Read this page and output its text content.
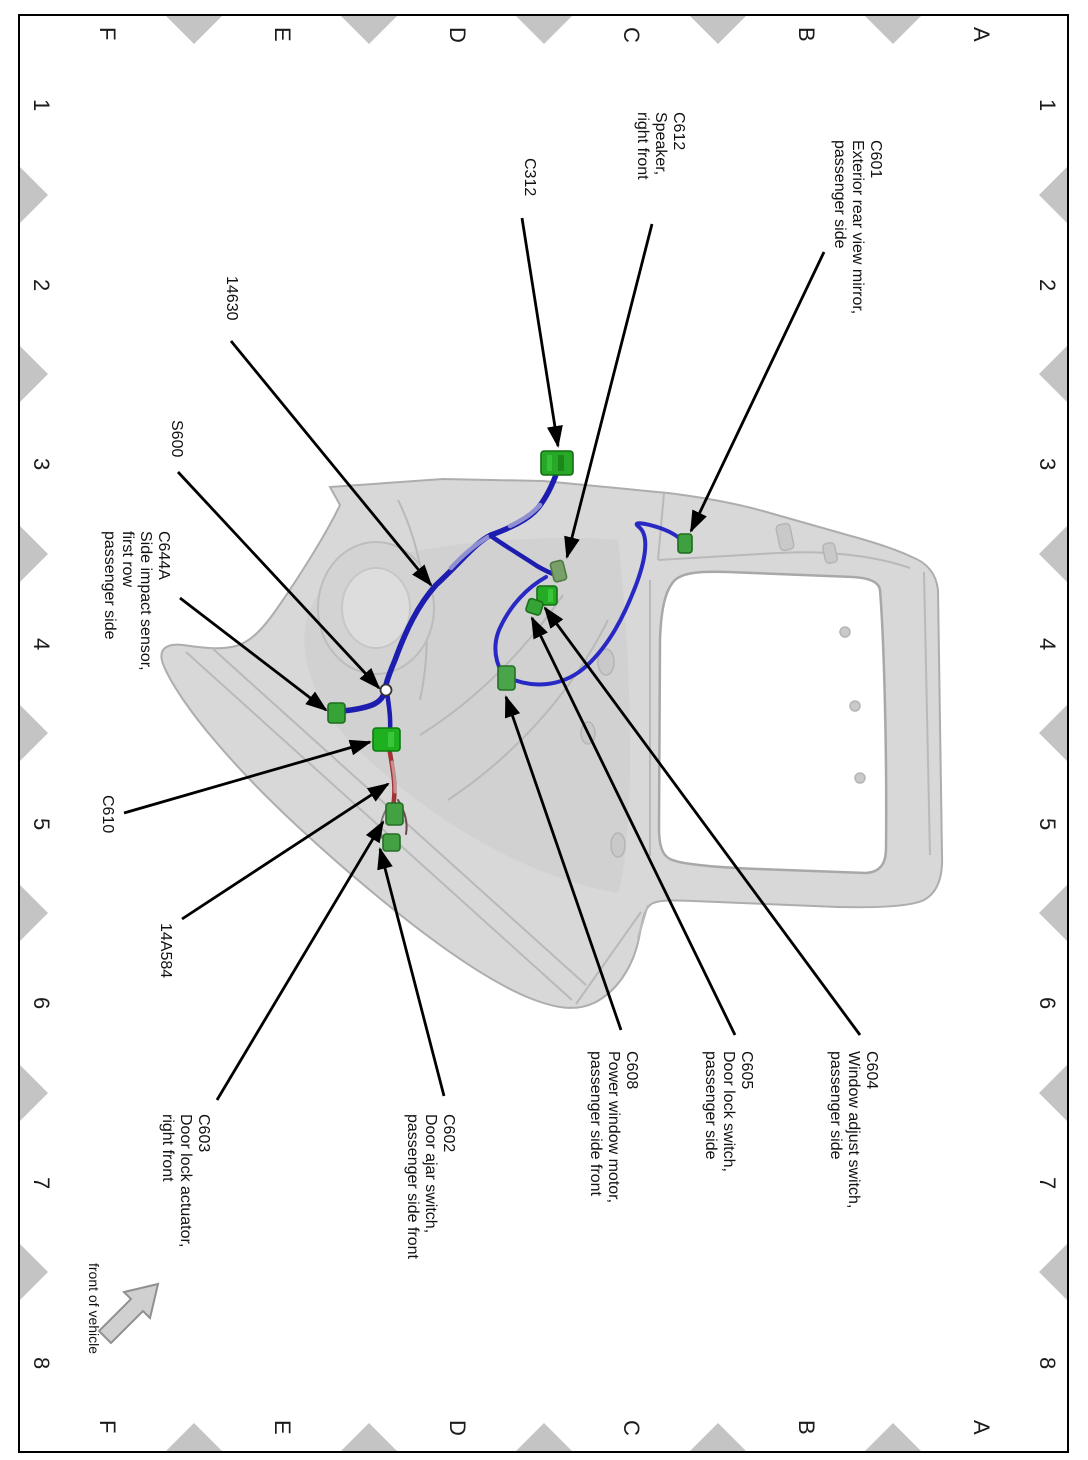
A
B
C
D
E
F
A
B
C
D
E
F
1
2
3
4
5
6
7
8
1
2
3
4
5
6
7
8
C601
Exterior rear view mirror,
passenger side
C612
Speaker,
right front
C312
14630
S600
C644A
Side impact sensor,
first row
passenger side
C610
14A584
C603
Door lock actuator,
right front	C602
Door ajar switch,
passenger side front
C608
Power window motor,
passenger side front	C605
Door lock switch,
passenger side	C604
Window adjust switch,
passenger side
front of vehicle
